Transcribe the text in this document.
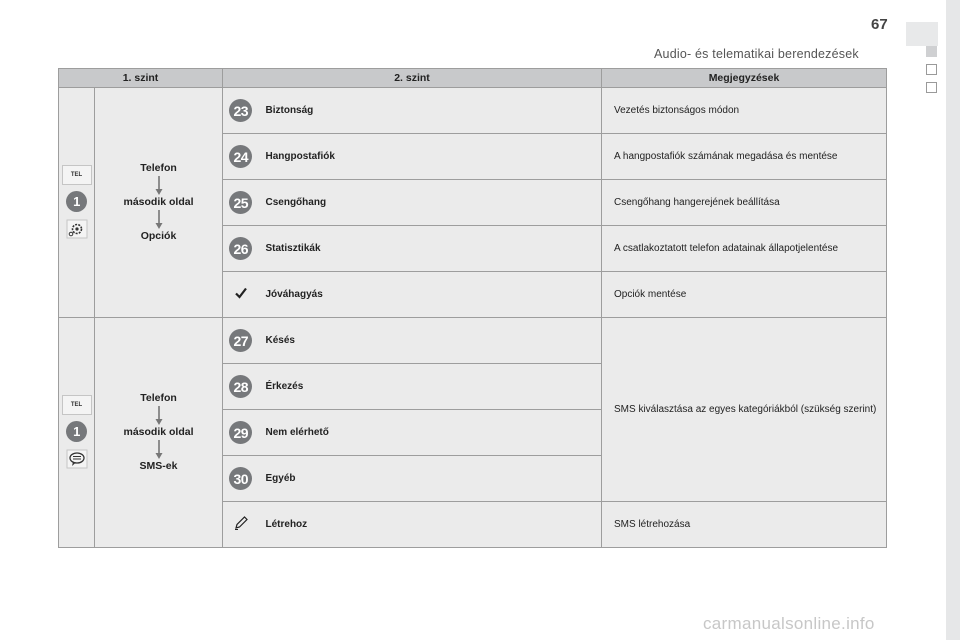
67
Audio- és telematikai berendezések
1. szint		2. szint		Megjegyzések

TEL
1	Telefon
második oldal
Opciók	23	Biztonság	Vezetés biztonságos módon
		24	Hangpostafiók	A hangpostafiók számának megadása és mentése
		25	Csengőhang	Csengőhang hangerejének beállítása
		26	Statisztikák	A csatlakoztatott telefon adatainak állapotjelentése
	Jóváhagyás	Opciók mentése

TEL
1	Telefon
második oldal
SMS-ek	27	Késés	SMS kiválasztása az egyes kategóriákból (szükség szerint)
		28	Érkezés	
		29	Nem elérhető	
		30	Egyéb	
	Létrehoz	SMS létrehozása
carmanualsonline.info
